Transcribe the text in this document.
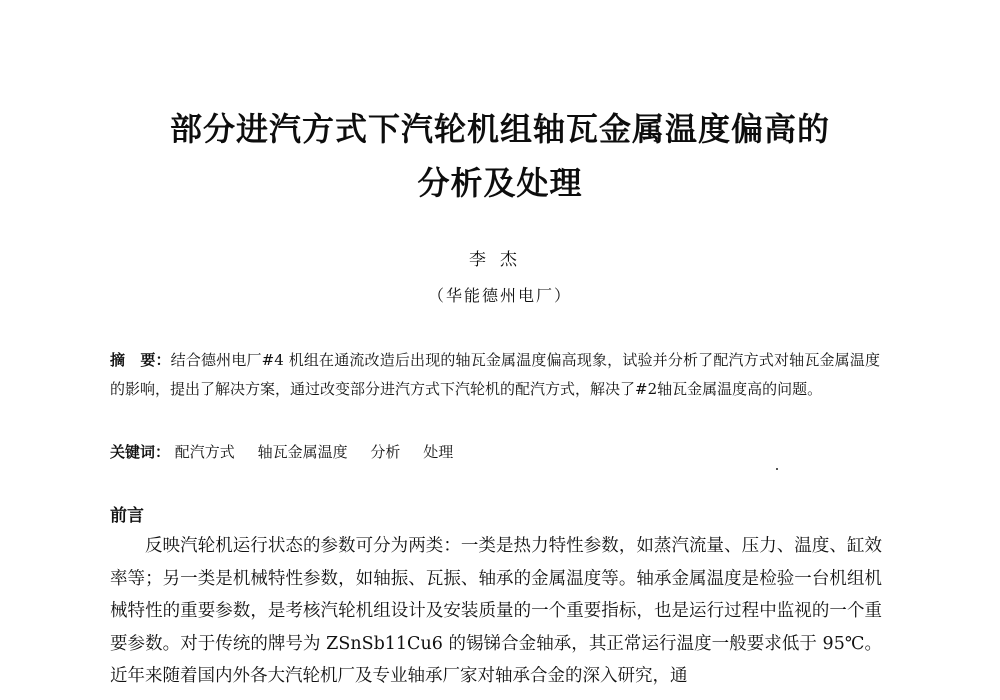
部分进汽方式下汽轮机组轴瓦金属温度偏高的
分析及处理
李杰
（华能德州电厂）
摘　要：结合德州电厂#4 机组在通流改造后出现的轴瓦金属温度偏高现象，试验并分析了配汽方式对轴瓦金属温度的影响，提出了解决方案，通过改变部分进汽方式下汽轮机的配汽方式，解决了#2轴瓦金属温度高的问题。
关键词： 配汽方式 轴瓦金属温度 分析 处理
前言
反映汽轮机运行状态的参数可分为两类：一类是热力特性参数，如蒸汽流量、压力、温度、缸效率等；另一类是机械特性参数，如轴振、瓦振、轴承的金属温度等。轴承金属温度是检验一台机组机械特性的重要参数，是考核汽轮机组设计及安装质量的一个重要指标，也是运行过程中监视的一个重要参数。对于传统的牌号为 ZSnSb11Cu6 的锡锑合金轴承，其正常运行温度一般要求低于 95℃。近年来随着国内外各大汽轮机厂及专业轴承厂家对轴承合金的深入研究，通
